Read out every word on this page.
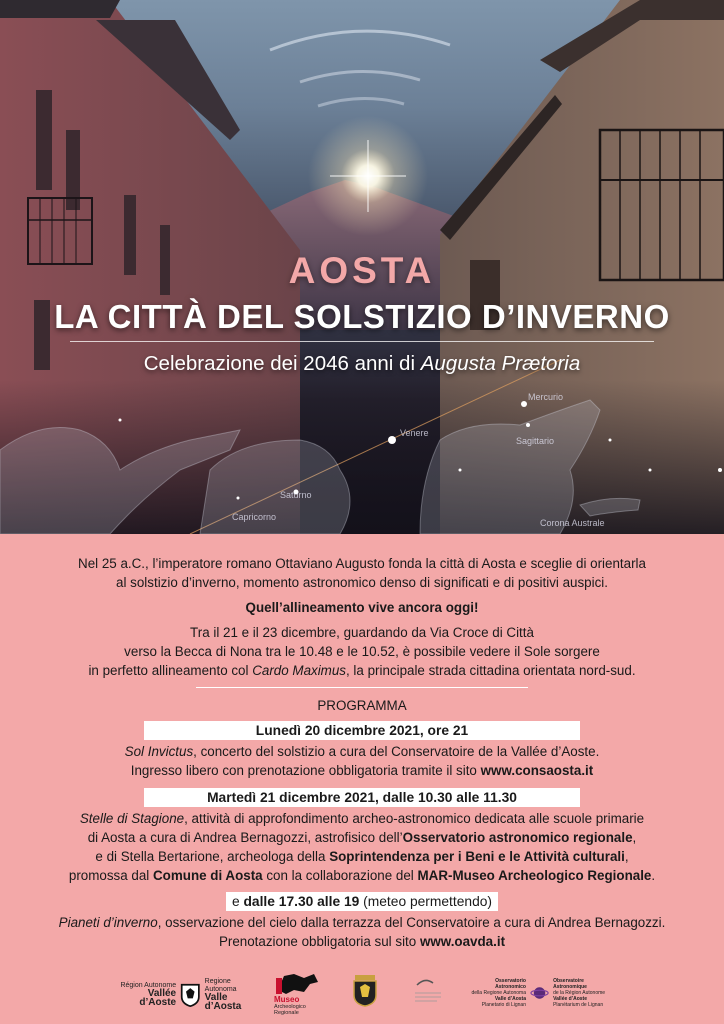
AOSTA
LA CITTÀ DEL SOLSTIZIO D’INVERNO
Celebrazione dei 2046 anni di Augusta Prætoria
Venere
Mercurio
Sagittario
Saturno
Capricorno
Corona Australe
Nel 25 a.C., l’imperatore romano Ottaviano Augusto fonda la città di Aosta e sceglie di orientarla
al solstizio d’inverno, momento astronomico denso di significati e di positivi auspici.
Quell’allineamento vive ancora oggi!
Tra il 21 e il 23 dicembre, guardando da Via Croce di Città
verso la Becca di Nona tra le 10.48 e le 10.52, è possibile vedere il Sole sorgere
in perfetto allineamento col Cardo Maximus, la principale strada cittadina orientata nord-sud.
PROGRAMMA
Lunedì 20 dicembre 2021, ore 21
Sol Invictus, concerto del solstizio a cura del Conservatoire de la Vallée d’Aoste.
Ingresso libero con prenotazione obbligatoria tramite il sito www.consaosta.it
Martedì 21 dicembre 2021, dalle 10.30 alle 11.30
Stelle di Stagione, attività di approfondimento archeo-astronomico dedicata alle scuole primarie
di Aosta a cura di Andrea Bernagozzi, astrofisico dell’Osservatorio astronomico regionale,
e di Stella Bertarione, archeologa della Soprintendenza per i Beni e le Attività culturali,
promossa dal Comune di Aosta con la collaborazione del MAR-Museo Archeologico Regionale.
e dalle 17.30 alle 19 (meteo permettendo)
Pianeti d’inverno, osservazione del cielo dalla terrazza del Conservatoire a cura di Andrea Bernagozzi.
Prenotazione obbligatoria sul sito www.oavda.it
Région Autonome
Vallée d’Aoste
Regione Autonoma
Valle d’Aosta
Museo
Archeologico Regionale
Osservatorio Astronomico
della Regione Autonoma
Valle d’Aosta
Planetario di Lignan
Observatoire Astronomique
de la Région Autonome
Vallée d’Aoste
Planétarium de Lignan
